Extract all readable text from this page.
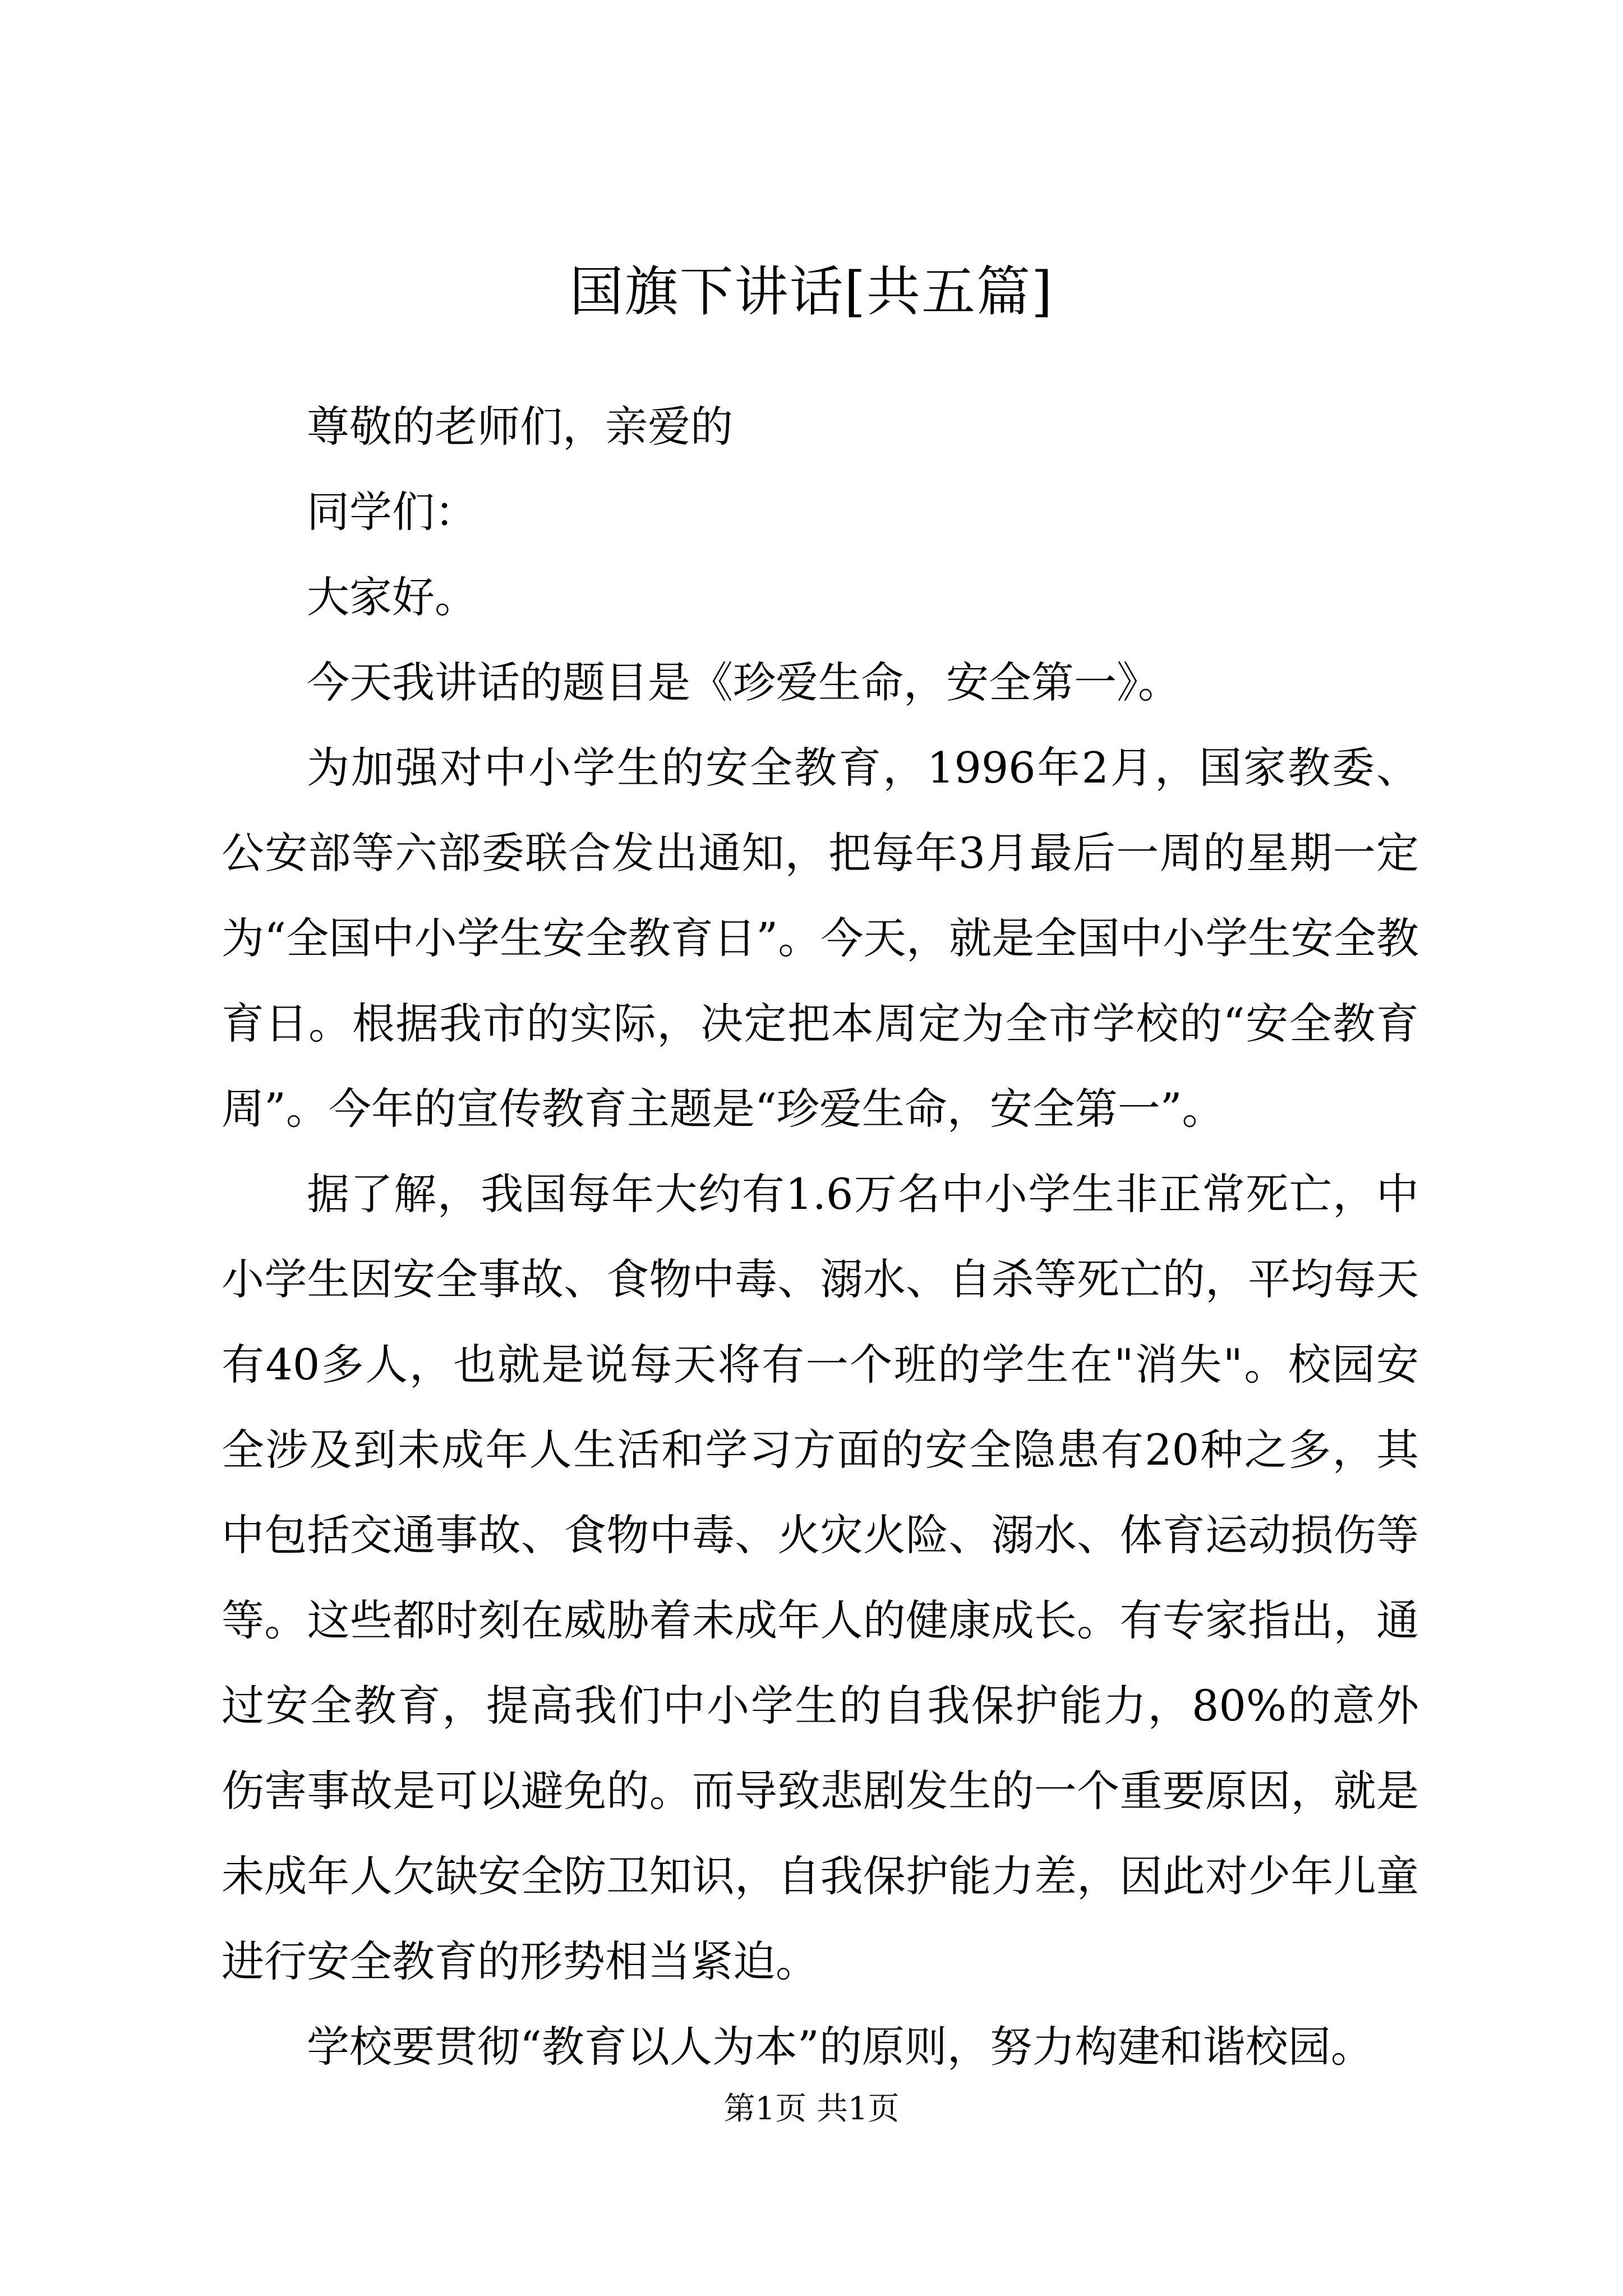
国旗下讲话[共五篇]

尊敬的老师们，亲爱的

同学们：

大家好。

今天我讲话的题目是《珍爱生命，安全第一》。

为加强对中小学生的安全教育，1996年2月，国家教委、公安部等六部委联合发出通知，把每年3月最后一周的星期一定为“全国中小学生安全教育日”。今天，就是全国中小学生安全教育日。根据我市的实际，决定把本周定为全市学校的“安全教育周”。今年的宣传教育主题是“珍爱生命，安全第一”。

据了解，我国每年大约有1.6万名中小学生非正常死亡，中小学生因安全事故、食物中毒、溺水、自杀等死亡的，平均每天有40多人，也就是说每天将有一个班的学生在"消失"。校园安全涉及到未成年人生活和学习方面的安全隐患有20种之多，其中包括交通事故、食物中毒、火灾火险、溺水、体育运动损伤等等。这些都时刻在威胁着未成年人的健康成长。有专家指出，通过安全教育，提高我们中小学生的自我保护能力，80%的意外伤害事故是可以避免的。而导致悲剧发生的一个重要原因，就是未成年人欠缺安全防卫知识，自我保护能力差，因此对少年儿童进行安全教育的形势相当紧迫。

学校要贯彻“教育以人为本”的原则，努力构建和谐校园。

第1页 共1页
